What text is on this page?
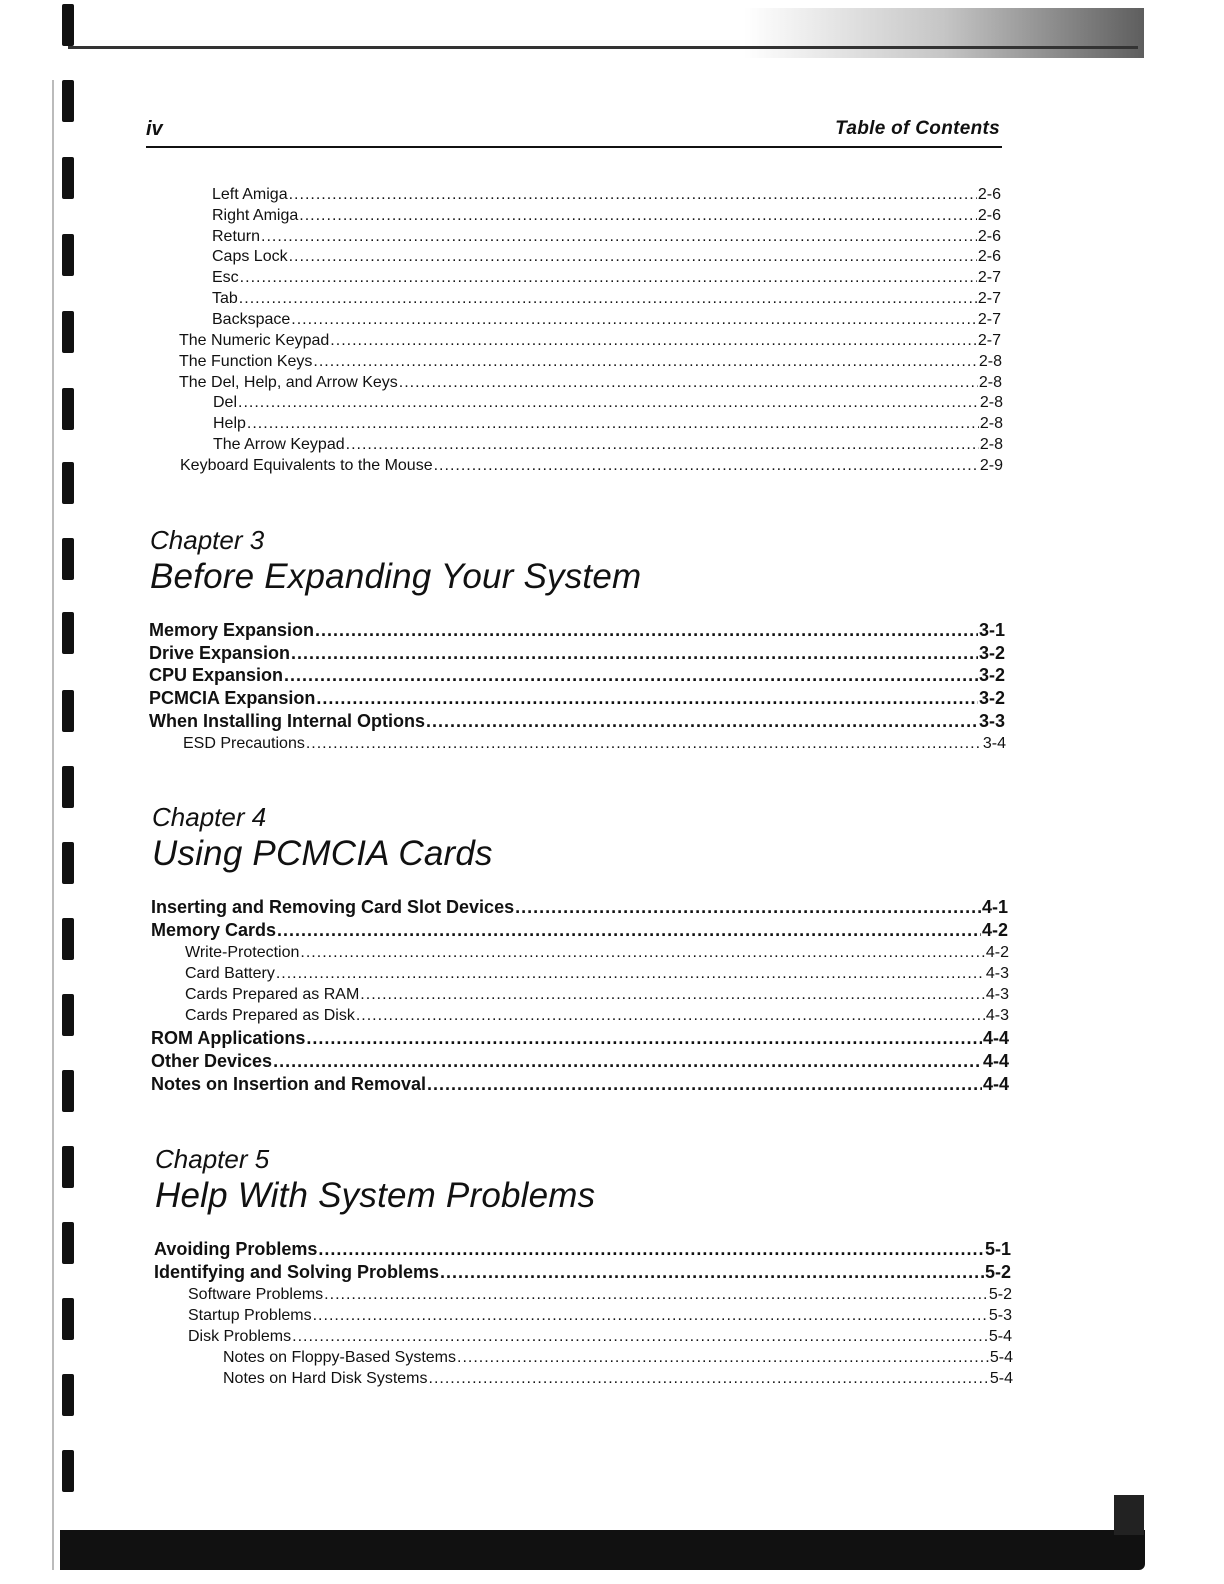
iv	Table of Contents
Left Amiga .....	2-6
Right Amiga .....	2-6
Return .....	2-6
Caps Lock .....	2-6
Esc .....	2-7
Tab .....	2-7
Backspace .....	2-7
The Numeric Keypad .....	2-7
The Function Keys .....	2-8
The Del, Help, and Arrow Keys .....	2-8
Del .....	2-8
Help .....	2-8
The Arrow Keypad .....	2-8
Keyboard Equivalents to the Mouse .....	2-9
Chapter 3
Before Expanding Your System
Memory Expansion .....	3-1
Drive Expansion .....	3-2
CPU Expansion .....	3-2
PCMCIA Expansion .....	3-2
When Installing Internal Options .....	3-3
ESD Precautions .....	3-4
Chapter 4
Using PCMCIA Cards
Inserting and Removing Card Slot Devices .....	4-1
Memory Cards .....	4-2
Write-Protection .....	4-2
Card Battery .....	4-3
Cards Prepared as RAM .....	4-3
Cards Prepared as Disk .....	4-3
ROM Applications .....	4-4
Other Devices .....	4-4
Notes on Insertion and Removal .....	4-4
Chapter 5
Help With System Problems
Avoiding Problems .....	5-1
Identifying and Solving Problems .....	5-2
Software Problems .....	5-2
Startup Problems .....	5-3
Disk Problems .....	5-4
Notes on Floppy-Based Systems .....	5-4
Notes on Hard Disk Systems .....	5-4
